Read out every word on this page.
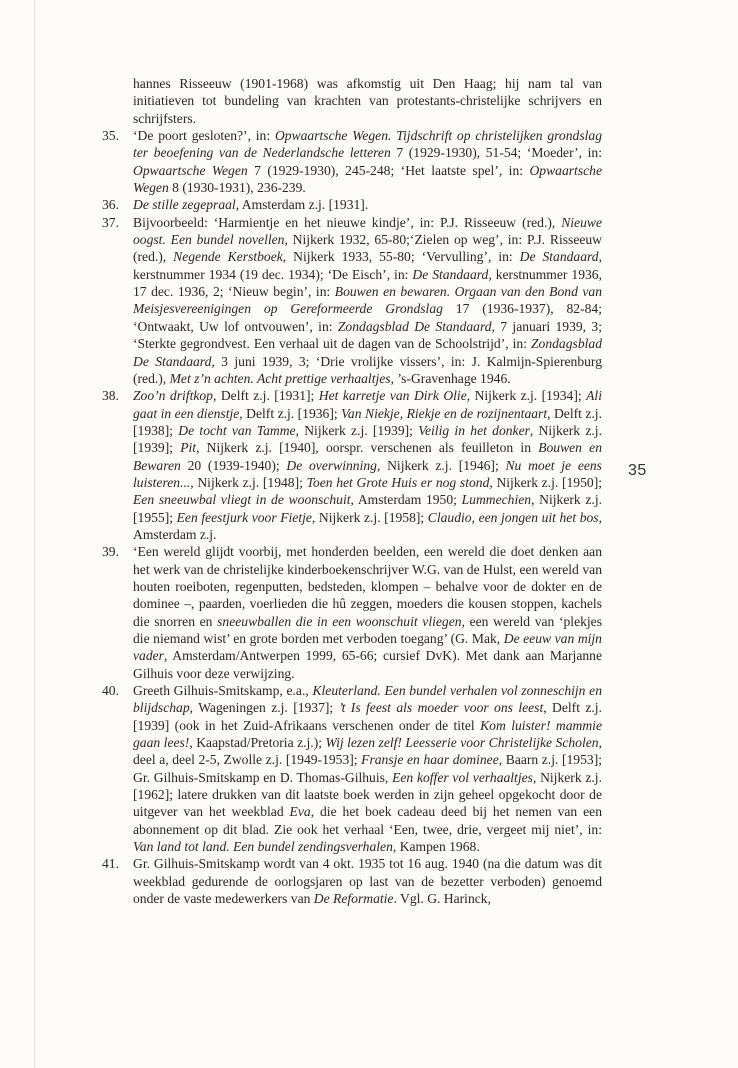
35

hannes Risseeuw (1901-1968) was afkomstig uit Den Haag; hij nam tal van initiatieven tot bundeling van krachten van protestants-christelijke schrijvers en schrijfsters.

35.	‘De poort gesloten?’, in: Opwaartsche Wegen. Tijdschrift op christelijken grondslag ter beoefening van de Nederlandsche letteren 7 (1929-1930), 51-54; ‘Moeder’, in: Opwaartsche Wegen 7 (1929-1930), 245-248; ‘Het laatste spel’, in: Opwaartsche Wegen 8 (1930-1931), 236-239.

36.	De stille zegepraal, Amsterdam z.j. [1931].

37.	Bijvoorbeeld: ‘Harmientje en het nieuwe kindje’, in: P.J. Risseeuw (red.), Nieuwe oogst. Een bundel novellen, Nijkerk 1932, 65-80;‘Zielen op weg’, in: P.J. Risseeuw (red.), Negende Kerstboek, Nijkerk 1933, 55-80; ‘Vervulling’, in: De Standaard, kerstnummer 1934 (19 dec. 1934); ‘De Eisch’, in: De Standaard, kerstnummer 1936, 17 dec. 1936, 2; ‘Nieuw begin’, in: Bouwen en bewaren. Orgaan van den Bond van Meisjesvereenigingen op Gereformeerde Grondslag 17 (1936-1937), 82-84; ‘Ontwaakt, Uw lof ontvouwen’, in: Zondagsblad De Standaard, 7 januari 1939, 3; ‘Sterkte gegrondvest. Een verhaal uit de dagen van de Schoolstrijd’, in: Zondagsblad De Standaard, 3 juni 1939, 3; ‘Drie vrolijke vissers’, in: J. Kalmijn-Spierenburg (red.), Met z’n achten. Acht prettige verhaaltjes, ’s-Gravenhage 1946.

38.	Zoo’n driftkop, Delft z.j. [1931]; Het karretje van Dirk Olie, Nijkerk z.j. [1934]; Ali gaat in een dienstje, Delft z.j. [1936]; Van Niekje, Riekje en de rozijnentaart, Delft z.j. [1938]; De tocht van Tamme, Nijkerk z.j. [1939]; Veilig in het donker, Nijkerk z.j. [1939]; Pit, Nijkerk z.j. [1940], oorspr. verschenen als feuilleton in Bouwen en Bewaren 20 (1939-1940); De overwinning, Nijkerk z.j. [1946]; Nu moet je eens luisteren..., Nijkerk z.j. [1948]; Toen het Grote Huis er nog stond, Nijkerk z.j. [1950]; Een sneeuwbal vliegt in de woonschuit, Amsterdam 1950; Lummechien, Nijkerk z.j. [1955]; Een feestjurk voor Fietje, Nijkerk z.j. [1958]; Claudio, een jongen uit het bos, Amsterdam z.j.

39.	‘Een wereld glijdt voorbij, met honderden beelden, een wereld die doet denken aan het werk van de christelijke kinderboekenschrijver W.G. van de Hulst, een wereld van houten roeiboten, regenputten, bedsteden, klompen – behalve voor de dokter en de dominee –, paarden, voerlieden die hû zeggen, moeders die kousen stoppen, kachels die snorren en sneeuwballen die in een woonschuit vliegen, een wereld van ‘plekjes die niemand wist’ en grote borden met verboden toegang’ (G. Mak, De eeuw van mijn vader, Amsterdam/Antwerpen 1999, 65-66; cursief DvK). Met dank aan Marjanne Gilhuis voor deze verwijzing.

40.	Greeth Gilhuis-Smitskamp, e.a., Kleuterland. Een bundel verhalen vol zonneschijn en blijdschap, Wageningen z.j. [1937]; ’t Is feest als moeder voor ons leest, Delft z.j. [1939] (ook in het Zuid-Afrikaans verschenen onder de titel Kom luister! mammie gaan lees!, Kaapstad/Pretoria z.j.); Wij lezen zelf! Leesserie voor Christelijke Scholen, deel a, deel 2-5, Zwolle z.j. [1949-1953]; Fransje en haar dominee, Baarn z.j. [1953]; Gr. Gilhuis-Smitskamp en D. Thomas-Gilhuis, Een koffer vol verhaaltjes, Nijkerk z.j. [1962]; latere drukken van dit laatste boek werden in zijn geheel opgekocht door de uitgever van het weekblad Eva, die het boek cadeau deed bij het nemen van een abonnement op dit blad. Zie ook het verhaal ‘Een, twee, drie, vergeet mij niet’, in: Van land tot land. Een bundel zendingsverhalen, Kampen 1968.

41.	Gr. Gilhuis-Smitskamp wordt van 4 okt. 1935 tot 16 aug. 1940 (na die datum was dit weekblad gedurende de oorlogsjaren op last van de bezetter verboden) genoemd onder de vaste medewerkers van De Reformatie. Vgl. G. Harinck,
